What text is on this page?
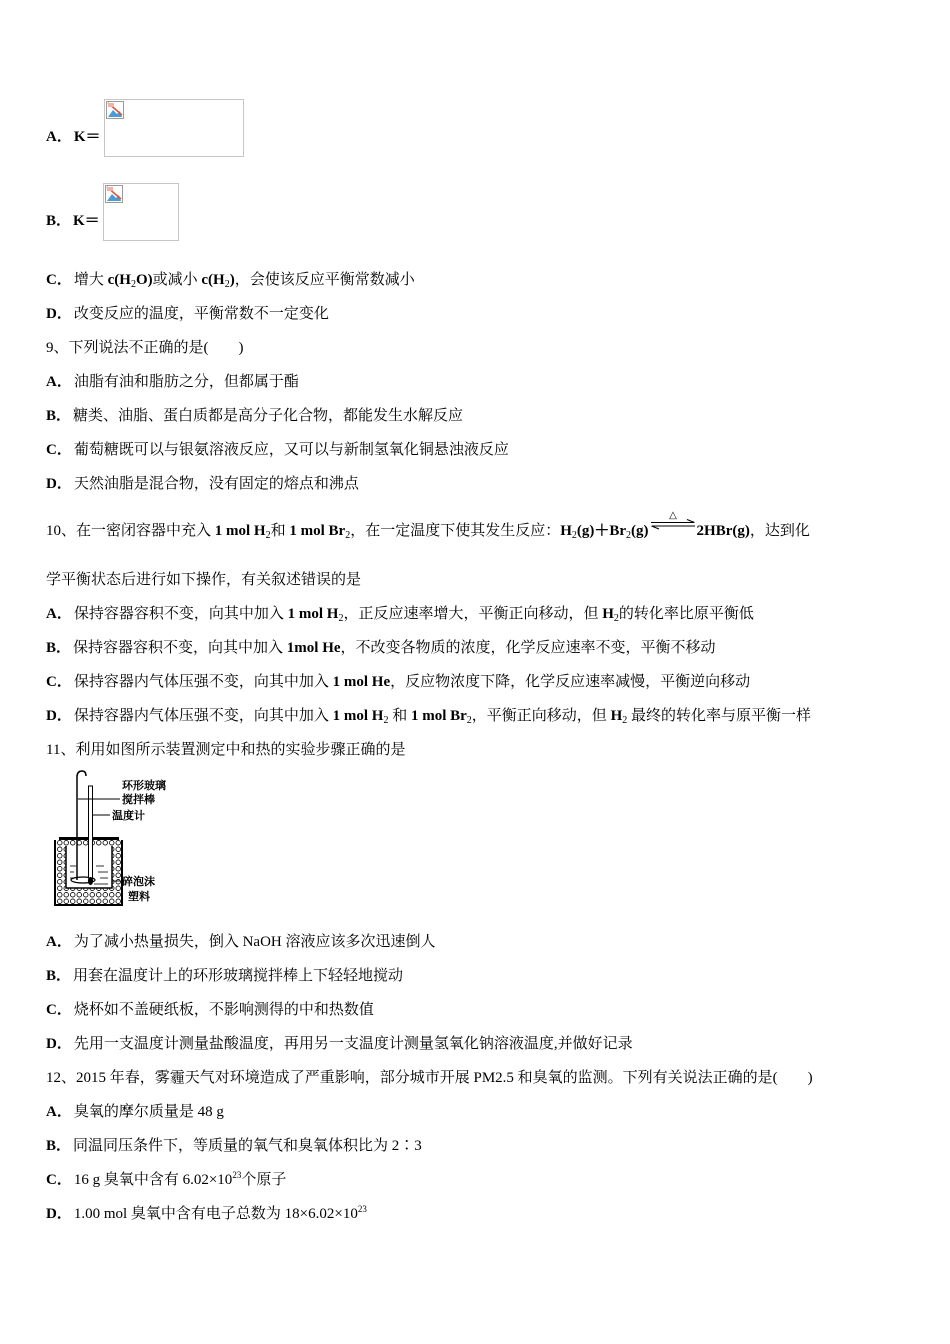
A． K＝
B． K＝
C． 增大 $c(H_2O)$或减小 $c(H_2)$，会使该反应平衡常数减小
D． 改变反应的温度，平衡常数不一定变化
9、下列说法不正确的是(　　)
A． 油脂有油和脂肪之分，但都属于酯
B． 糖类、油脂、蛋白质都是高分子化合物，都能发生水解反应
C． 葡萄糖既可以与银氨溶液反应，又可以与新制氢氧化铜悬浊液反应
D． 天然油脂是混合物，没有固定的熔点和沸点
10、在一密闭容器中充入 1 mol $H_2$和 1 mol $Br_2$，在一定温度下使其发生反应：$H_2(g)+Br_2(g)$
△
2HBr(g)，达到化
学平衡状态后进行如下操作，有关叙述错误的是
A． 保持容器容积不变，向其中加入 1 mol $H_2$，正反应速率增大，平衡正向移动，但 $H_2$的转化率比原平衡低
B． 保持容器容积不变，向其中加入 1mol He，不改变各物质的浓度，化学反应速率不变，平衡不移动
C． 保持容器内气体压强不变，向其中加入 1 mol He，反应物浓度下降，化学反应速率减慢，平衡逆向移动
D． 保持容器内气体压强不变，向其中加入 1 mol $H_2$ 和 1 mol $Br_2$，平衡正向移动，但 $H_2$ 最终的转化率与原平衡一样
11、利用如图所示装置测定中和热的实验步骤正确的是
环形玻璃
搅拌棒
温度计
碎泡沫
塑料
A． 为了减小热量损失，倒入 NaOH 溶液应该多次迅速倒人
B． 用套在温度计上的环形玻璃搅拌棒上下轻轻地搅动
C． 烧杯如不盖硬纸板，不影响测得的中和热数值
D． 先用一支温度计测量盐酸温度，再用另一支温度计测量氢氧化钠溶液温度,并做好记录
12、2015 年春，雾霾天气对环境造成了严重影响，部分城市开展 PM2.5 和臭氧的监测。下列有关说法正确的是(　　)
A． 臭氧的摩尔质量是 48 g
B． 同温同压条件下，等质量的氧气和臭氧体积比为 2∶3
C． 16 g 臭氧中含有 $6.02\times 10^{23}$个原子
D． 1.00 mol 臭氧中含有电子总数为 $18\times 6.02\times 10^{23}$
